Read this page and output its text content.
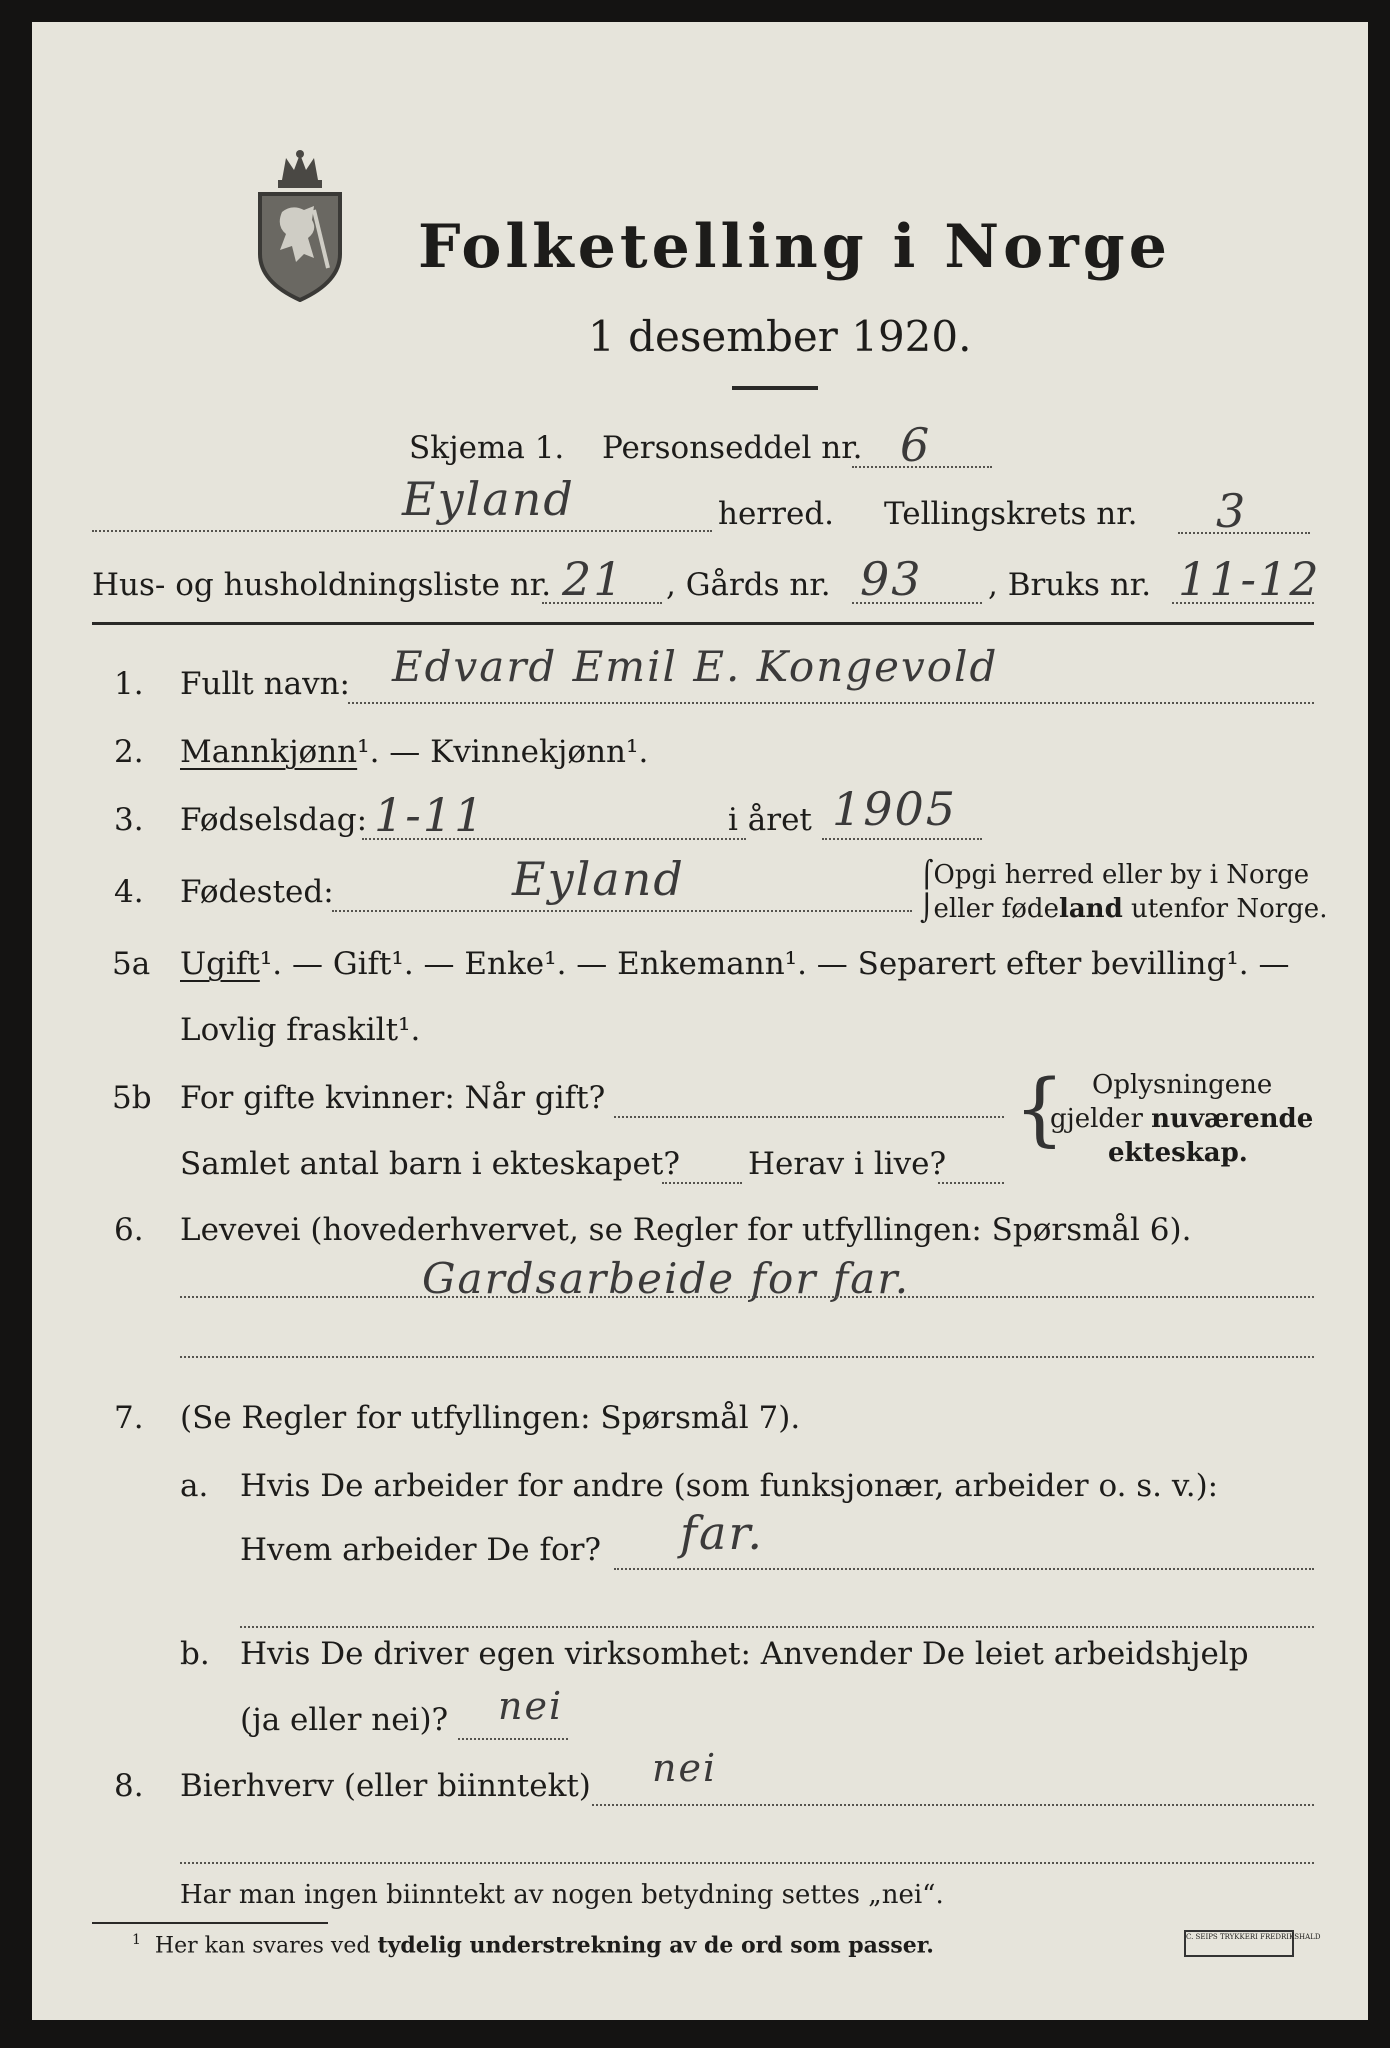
Folketelling i Norge
1 desember 1920.
Skjema 1. Personseddel nr. 6
Eyland	herred. Tellingskrets nr. 3
Hus- og husholdningsliste nr. 21 , Gårds nr. 93 , Bruks nr. 11-12
1. Fullt navn: Edvard Emil E. Kongevold
2. Mannkjønn¹. — Kvinnekjønn¹.
3. Fødselsdag: 1-11	i året 1905
4. Fødested:	Eyland	⌠Opgi herred eller by i Norge
⌡eller fødeland utenfor Norge.
5a Ugift¹. — Gift¹. — Enke¹. — Enkemann¹. — Separert efter bevilling¹. —
Lovlig fraskilt¹.
5b For gifte kvinner: Når gift?
Samlet antal barn i ekteskapet? Herav i live?
{ Oplysningene
gjelder nuværende
ekteskap.
6. Levevei (hovederhvervet, se Regler for utfyllingen: Spørsmål 6).
Gardsarbeide for far.
7. (Se Regler for utfyllingen: Spørsmål 7).
a. Hvis De arbeider for andre (som funksjonær, arbeider o. s. v.):
Hvem arbeider De for? far.
b. Hvis De driver egen virksomhet: Anvender De leiet arbeidshjelp
(ja eller nei)? nei
8. Bierhverv (eller biinntekt) nei
Har man ingen biinntekt av nogen betydning settes „nei“.
$^1$ Her kan svares ved tydelig understrekning av de ord som passer.	C. SEIPS TRYKKERI FREDRIKSHALD
